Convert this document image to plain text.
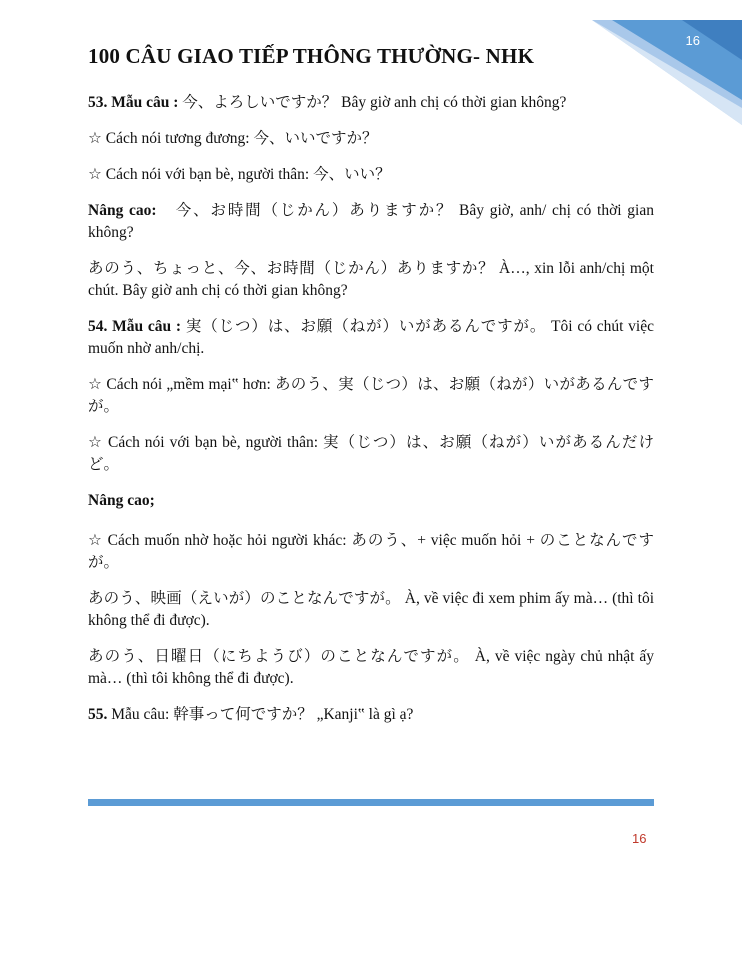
16
100 CÂU GIAO TIẾP THÔNG THƯỜNG- NHK

53. Mẫu câu : 今、よろしいですか？ Bây giờ anh chị có thời gian không?

☆ Cách nói tương đương: 今、いいですか？

☆ Cách nói với bạn bè, người thân: 今、いい？

Nâng cao:　今、お時間（じかん）ありますか？ Bây giờ, anh/ chị có thời gian không?

あのう、ちょっと、今、お時間（じかん）ありますか？ À…, xin lỗi anh/chị một chút. Bây giờ anh chị có thời gian không?

54. Mẫu câu : 実（じつ）は、お願（ねが）いがあるんですが。 Tôi có chút việc muốn nhờ anh/chị.

☆ Cách nói „mềm mại‟ hơn: あのう、実（じつ）は、お願（ねが）いがあるんですが。

☆ Cách nói với bạn bè, người thân: 実（じつ）は、お願（ねが）いがあるんだけど。

Nâng cao;

☆ Cách muốn nhờ hoặc hỏi người khác: あのう、+ việc muốn hỏi + のことなんですが。

あのう、映画（えいが）のことなんですが。 À, về việc đi xem phim ấy mà… (thì tôi không thể đi được).

あのう、日曜日（にちようび）のことなんですが。 À, về việc ngày chủ nhật ấy mà… (thì tôi không thể đi được).

55. Mẫu câu: 幹事って何ですか？ „Kanji‟ là gì ạ?

16
